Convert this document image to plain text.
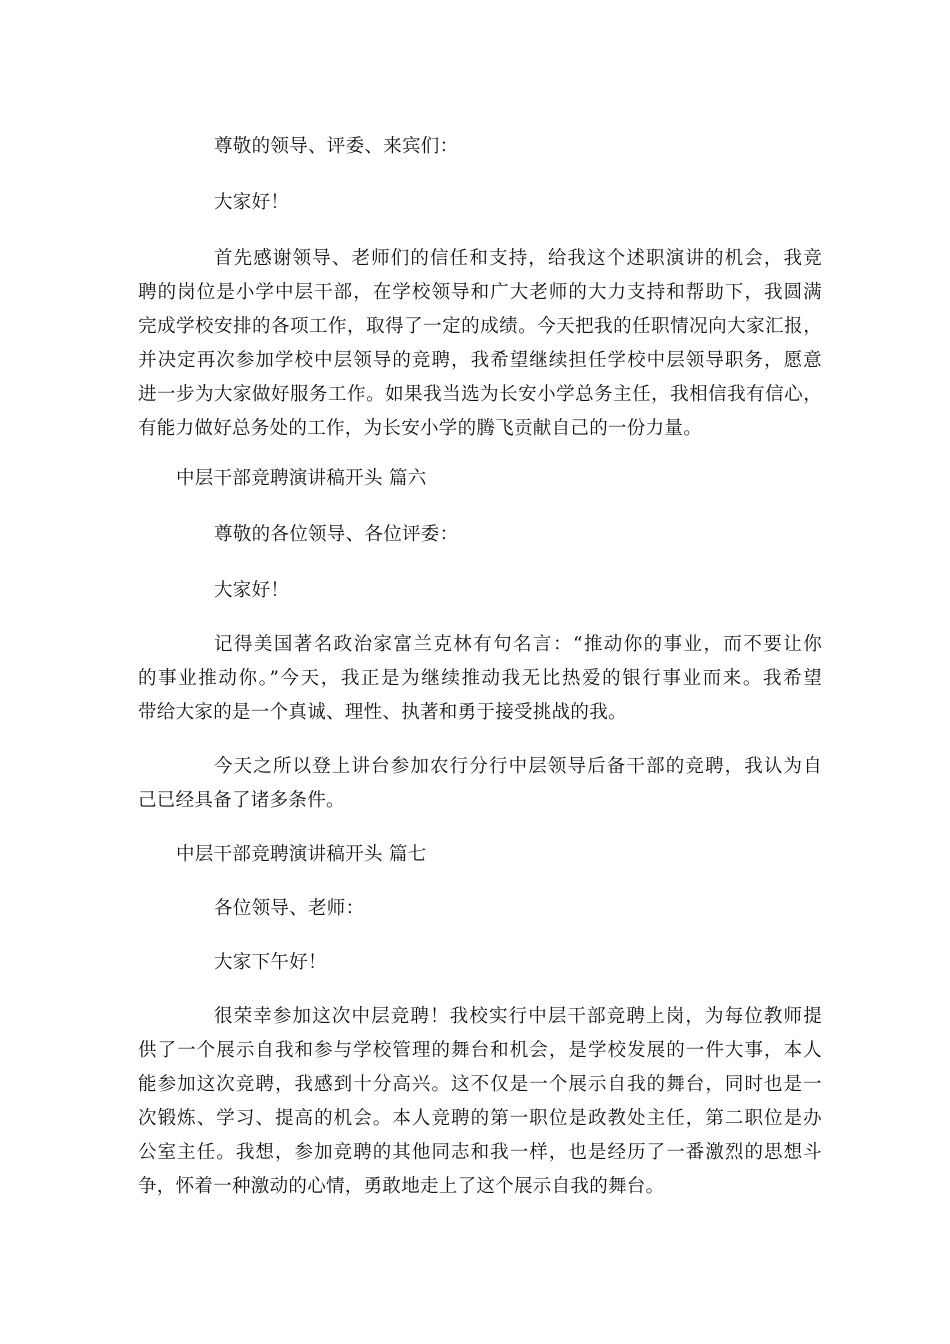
尊敬的领导、评委、来宾们：
大家好！
首先感谢领导、老师们的信任和支持，给我这个述职演讲的机会，我竞
聘的岗位是小学中层干部，在学校领导和广大老师的大力支持和帮助下，我圆满
完成学校安排的各项工作，取得了一定的成绩。今天把我的任职情况向大家汇报，
并决定再次参加学校中层领导的竞聘，我希望继续担任学校中层领导职务，愿意
进一步为大家做好服务工作。如果我当选为长安小学总务主任，我相信我有信心，
有能力做好总务处的工作，为长安小学的腾飞贡献自己的一份力量。
中层干部竞聘演讲稿开头 篇六
尊敬的各位领导、各位评委：
大家好！
记得美国著名政治家富兰克林有句名言：“推动你的事业，而不要让你
的事业推动你。”今天，我正是为继续推动我无比热爱的银行事业而来。我希望
带给大家的是一个真诚、理性、执著和勇于接受挑战的我。
今天之所以登上讲台参加农行分行中层领导后备干部的竞聘，我认为自
己已经具备了诸多条件。
中层干部竞聘演讲稿开头 篇七
各位领导、老师：
大家下午好！
很荣幸参加这次中层竞聘！我校实行中层干部竞聘上岗，为每位教师提
供了一个展示自我和参与学校管理的舞台和机会，是学校发展的一件大事，本人
能参加这次竞聘，我感到十分高兴。这不仅是一个展示自我的舞台，同时也是一
次锻炼、学习、提高的机会。本人竞聘的第一职位是政教处主任，第二职位是办
公室主任。我想，参加竞聘的其他同志和我一样，也是经历了一番激烈的思想斗
争，怀着一种激动的心情，勇敢地走上了这个展示自我的舞台。
